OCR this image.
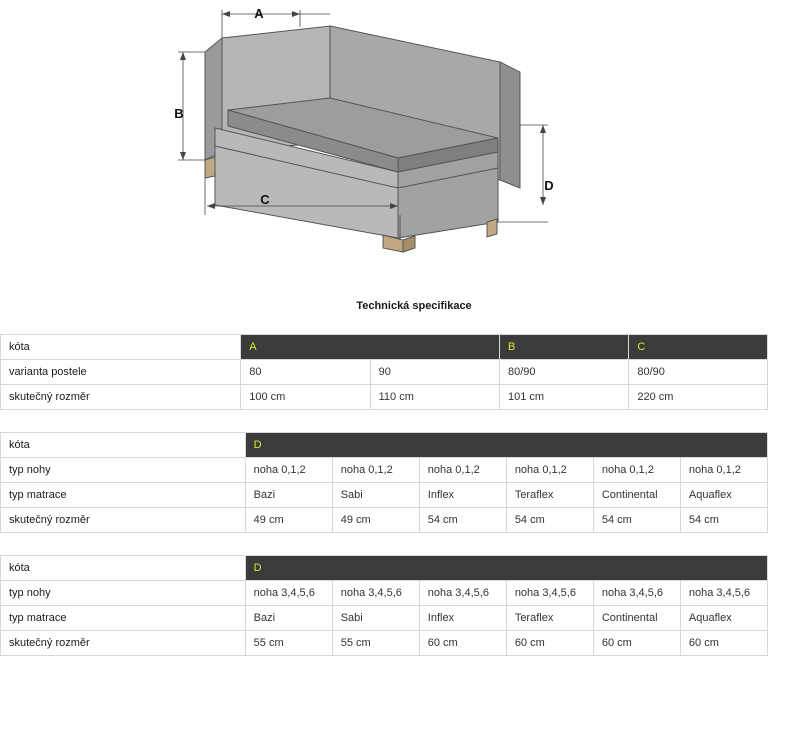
A
B
C
D
Technická specifikace
kóta	A		B	C
varianta postele	80	90	80/90	80/90
skutečný rozměr	100 cm	110 cm	101 cm	220 cm
kóta	D					
typ nohy	noha 0,1,2	noha 0,1,2	noha 0,1,2	noha 0,1,2	noha 0,1,2	noha 0,1,2
typ matrace	Bazi	Sabi	Inflex	Teraflex	Continental	Aquaflex
skutečný rozměr	49 cm	49 cm	54 cm	54 cm	54 cm	54 cm
kóta	D					
typ nohy	noha 3,4,5,6	noha 3,4,5,6	noha 3,4,5,6	noha 3,4,5,6	noha 3,4,5,6	noha 3,4,5,6
typ matrace	Bazi	Sabi	Inflex	Teraflex	Continental	Aquaflex
skutečný rozměr	55 cm	55 cm	60 cm	60 cm	60 cm	60 cm
